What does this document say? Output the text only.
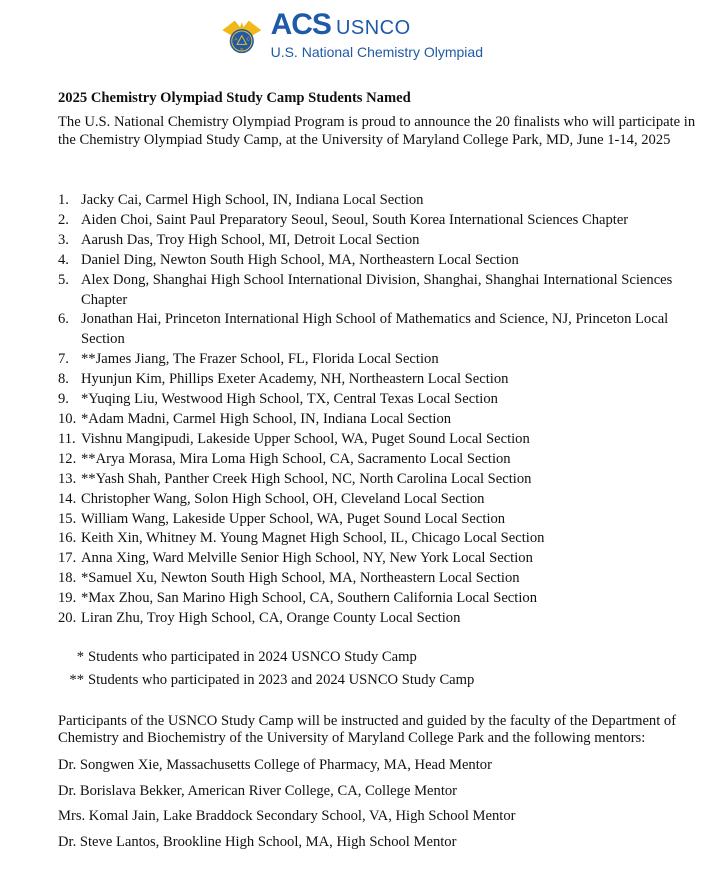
A C
S
ACS USNCO
U.S. National Chemistry Olympiad
2025 Chemistry Olympiad Study Camp Students Named
The U.S. National Chemistry Olympiad Program is proud to announce the 20 finalists who will participate in the Chemistry Olympiad Study Camp, at the University of Maryland College Park, MD, June 1-14, 2025
1. Jacky Cai, Carmel High School, IN, Indiana Local Section
2. Aiden Choi, Saint Paul Preparatory Seoul, Seoul, South Korea International Sciences Chapter
3. Aarush Das, Troy High School, MI, Detroit Local Section
4. Daniel Ding, Newton South High School, MA, Northeastern Local Section
5. Alex Dong, Shanghai High School International Division, Shanghai, Shanghai International Sciences Chapter
6. Jonathan Hai, Princeton International High School of Mathematics and Science, NJ, Princeton Local Section
7. **James Jiang, The Frazer School, FL, Florida Local Section
8. Hyunjun Kim, Phillips Exeter Academy, NH, Northeastern Local Section
9. *Yuqing Liu, Westwood High School, TX, Central Texas Local Section
10. *Adam Madni, Carmel High School, IN, Indiana Local Section
11. Vishnu Mangipudi, Lakeside Upper School, WA, Puget Sound Local Section
12. **Arya Morasa, Mira Loma High School, CA, Sacramento Local Section
13. **Yash Shah, Panther Creek High School, NC, North Carolina Local Section
14. Christopher Wang, Solon High School, OH, Cleveland Local Section
15. William Wang, Lakeside Upper School, WA, Puget Sound Local Section
16. Keith Xin, Whitney M. Young Magnet High School, IL, Chicago Local Section
17. Anna Xing, Ward Melville Senior High School, NY, New York Local Section
18. *Samuel Xu, Newton South High School, MA, Northeastern Local Section
19. *Max Zhou, San Marino High School, CA, Southern California Local Section
20. Liran Zhu, Troy High School, CA, Orange County Local Section
* Students who participated in 2024 USNCO Study Camp
** Students who participated in 2023 and 2024 USNCO Study Camp
Participants of the USNCO Study Camp will be instructed and guided by the faculty of the Department of Chemistry and Biochemistry of the University of Maryland College Park and the following mentors:
Dr. Songwen Xie, Massachusetts College of Pharmacy, MA, Head Mentor
Dr. Borislava Bekker, American River College, CA, College Mentor
Mrs. Komal Jain, Lake Braddock Secondary School, VA, High School Mentor
Dr. Steve Lantos, Brookline High School, MA, High School Mentor
